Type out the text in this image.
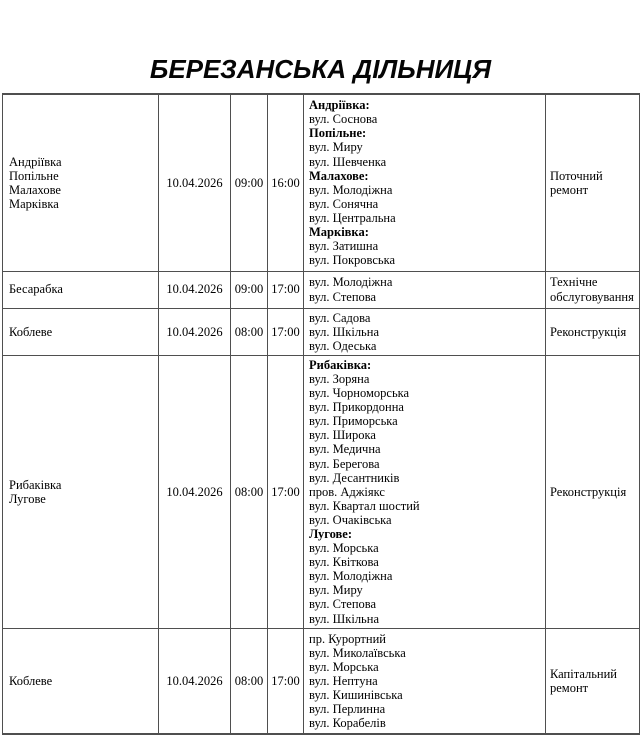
БЕРЕЗАНСЬКА ДІЛЬНИЦЯ
Андріївка
Попільне
Малахове
Марківка
	10.04.2026	09:00	16:00	
Андріївка:
вул. Соснова
Попільне:
вул. Миру
вул. Шевченка
Малахове:
вул. Молодіжна
вул. Сонячна
вул. Центральна
Марківка:
вул. Затишна
вул. Покровська
	Поточний ремонт

Бесарабка	10.04.2026	09:00	17:00	вул. Молодіжна
вул. Степова	Технічне обслуговування

Коблеве	10.04.2026	08:00	17:00	вул. Садова
вул. Шкільна
вул. Одеська	Реконструкція

Рибаківка
Лугове
	10.04.2026	08:00	17:00	
Рибаківка:
вул. Зоряна
вул. Чорноморська
вул. Прикордонна
вул. Приморська
вул. Широка
вул. Медична
вул. Берегова
вул. Десантників
пров. Аджіякс
вул. Квартал шостий
вул. Очаківська
Лугове:
вул. Морська
вул. Квіткова
вул. Молодіжна
вул. Миру
вул. Степова
вул. Шкільна
	Реконструкція

Коблеве	10.04.2026	08:00	17:00	
пр. Курортний
вул. Миколаївська
вул. Морська
вул. Нептуна
вул. Кишинівська
вул. Перлинна
вул. Корабелів
	Капітальний ремонт
